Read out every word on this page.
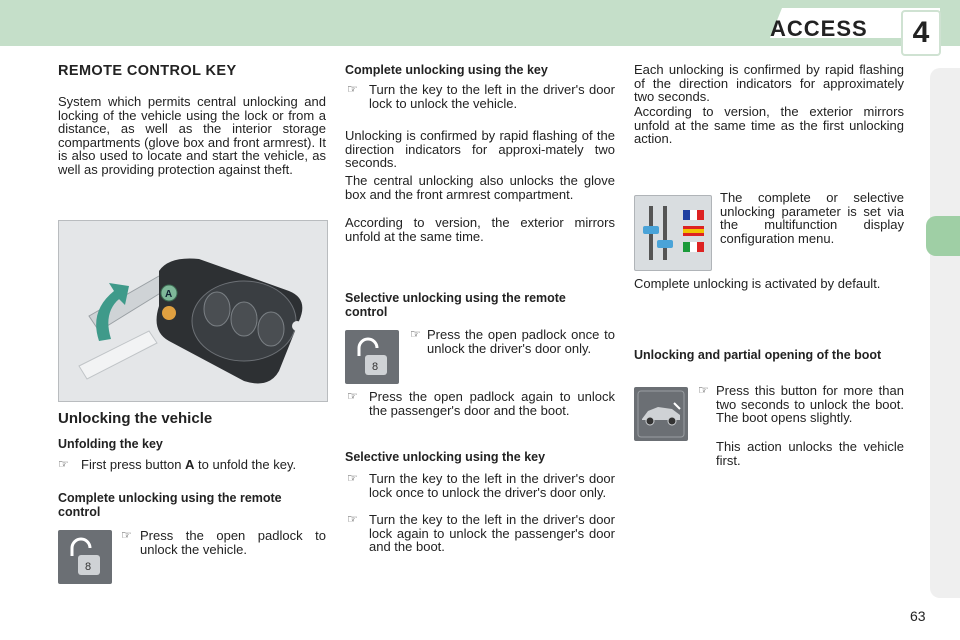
ACCESS	4
REMOTE CONTROL KEY
System which permits central unlocking and locking of the vehicle using the lock or from a distance, as well as the interior storage compartments (glove box and front armrest). It is also used to locate and start the vehicle, as well as providing protection against theft.
A
Unlocking the vehicle
Unfolding the key
☞ First press button A to unfold the key.
Complete unlocking using the remote control
8
☞ Press the open padlock to unlock the vehicle.
Complete unlocking using the key
☞ Turn the key to the left in the driver's door lock to unlock the vehicle.
Unlocking is confirmed by rapid flashing of the direction indicators for approxi-mately two seconds.
The central unlocking also unlocks the glove box and the front armrest compartment.
According to version, the exterior mirrors unfold at the same time.
Selective unlocking using the remote control
8
☞ Press the open padlock once to unlock the driver's door only.
☞ Press the open padlock again to unlock the passenger's door and the boot.
Selective unlocking using the key
☞ Turn the key to the left in the driver's door lock once to unlock the driver's door only.
☞ Turn the key to the left in the driver's door lock again to unlock the passenger's door and the boot.
Each unlocking is confirmed by rapid flashing of the direction indicators for approximately two seconds.
According to version, the exterior mirrors unfold at the same time as the first unlocking action.
The complete or selective unlocking parameter is set via the multifunction display configuration menu.
Complete unlocking is activated by default.
Unlocking and partial opening of the boot
☞ Press this button for more than two seconds to unlock the boot. The boot opens slightly.
This action unlocks the vehicle first.
63
